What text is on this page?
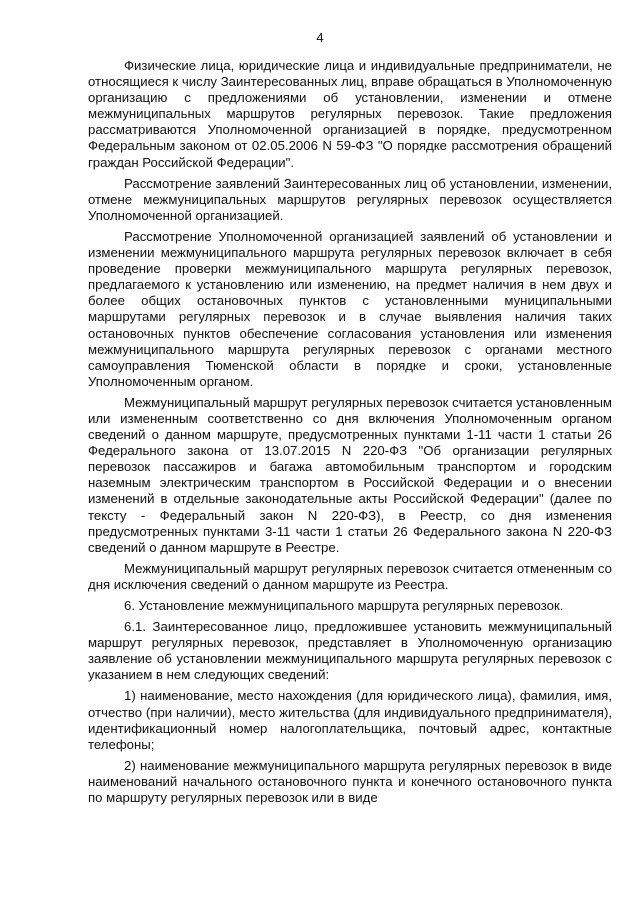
4

Физические лица, юридические лица и индивидуальные предприниматели, не относящиеся к числу Заинтересованных лиц, вправе обращаться в Уполномоченную организацию с предложениями об установлении, изменении и отмене межмуниципальных маршрутов регулярных перевозок. Такие предложения рассматриваются Уполномоченной организацией в порядке, предусмотренном Федеральным законом от 02.05.2006 N 59-ФЗ "О порядке рассмотрения обращений граждан Российской Федерации".

Рассмотрение заявлений Заинтересованных лиц об установлении, изменении, отмене межмуниципальных маршрутов регулярных перевозок осуществляется Уполномоченной организацией.

Рассмотрение Уполномоченной организацией заявлений об установлении и изменении межмуниципального маршрута регулярных перевозок включает в себя проведение проверки межмуниципального маршрута регулярных перевозок, предлагаемого к установлению или изменению, на предмет наличия в нем двух и более общих остановочных пунктов с установленными муниципальными маршрутами регулярных перевозок и в случае выявления наличия таких остановочных пунктов обеспечение согласования установления или изменения межмуниципального маршрута регулярных перевозок с органами местного самоуправления Тюменской области в порядке и сроки, установленные Уполномоченным органом.

Межмуниципальный маршрут регулярных перевозок считается установленным или измененным соответственно со дня включения Уполномоченным органом сведений о данном маршруте, предусмотренных пунктами 1-11 части 1 статьи 26 Федерального закона от 13.07.2015 N 220-ФЗ "Об организации регулярных перевозок пассажиров и багажа автомобильным транспортом и городским наземным электрическим транспортом в Российской Федерации и о внесении изменений в отдельные законодательные акты Российской Федерации" (далее по тексту - Федеральный закон N 220-ФЗ), в Реестр, со дня изменения предусмотренных пунктами 3-11 части 1 статьи 26 Федерального закона N 220-ФЗ сведений о данном маршруте в Реестре.

Межмуниципальный маршрут регулярных перевозок считается отмененным со дня исключения сведений о данном маршруте из Реестра.

6. Установление межмуниципального маршрута регулярных перевозок.

6.1. Заинтересованное лицо, предложившее установить межмуниципальный маршрут регулярных перевозок, представляет в Уполномоченную организацию заявление об установлении межмуниципального маршрута регулярных перевозок с указанием в нем следующих сведений:

1) наименование, место нахождения (для юридического лица), фамилия, имя, отчество (при наличии), место жительства (для индивидуального предпринимателя), идентификационный номер налогоплательщика, почтовый адрес, контактные телефоны;

2) наименование межмуниципального маршрута регулярных перевозок в виде наименований начального остановочного пункта и конечного остановочного пункта по маршруту регулярных перевозок или в виде
